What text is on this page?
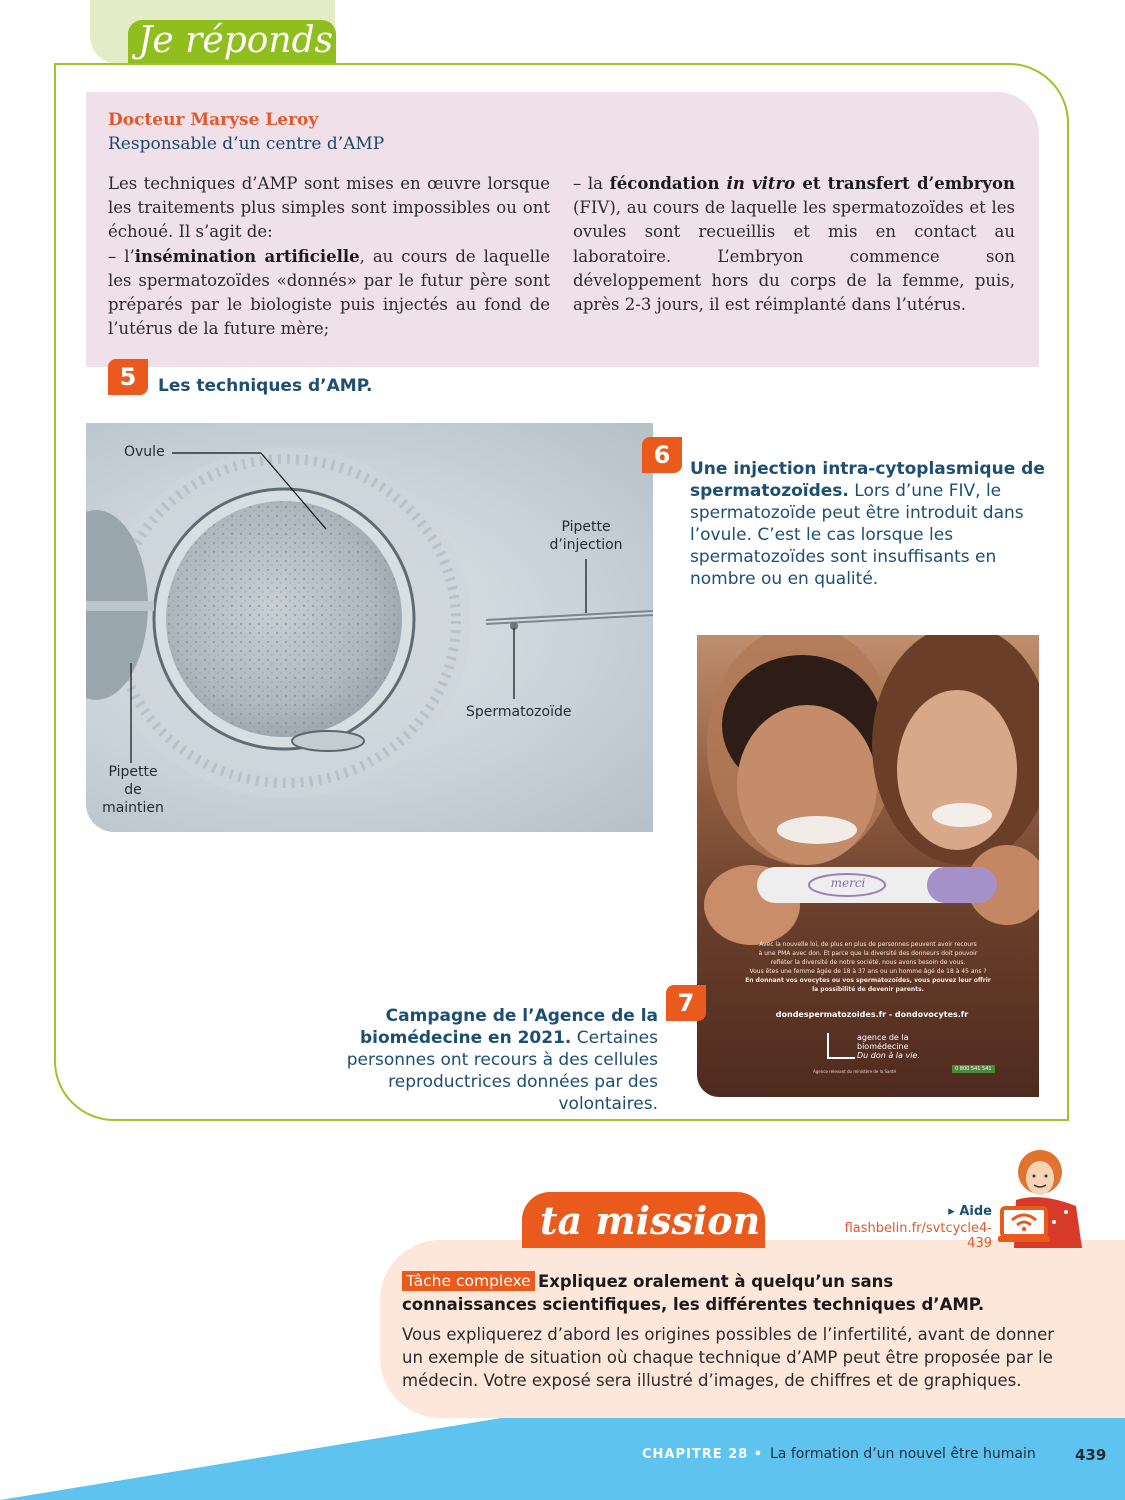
Je réponds
Docteur Maryse Leroy
Responsable d’un centre d’AMP

Les techniques d’AMP sont mises en œuvre lorsque les traitements plus simples sont impossibles ou ont échoué. Il s’agit de:

– l’insémination artificielle, au cours de laquelle les spermatozoïdes «donnés» par le futur père sont préparés par le biologiste puis injectés au fond de l’utérus de la future mère;

– la fécondation in vitro et transfert d’embryon (FIV), au cours de laquelle les spermatozoïdes et les ovules sont recueillis et mis en contact au laboratoire. L’embryon commence son développement hors du corps de la femme, puis, après 2-3 jours, il est réimplanté dans l’utérus.

5	Les techniques d’AMP.
Ovule
Pipette
d’injection
Spermatozoïde
Pipette
de maintien
6	Une injection intra-cytoplasmique de spermatozoïdes. Lors d’une FIV, le spermatozoïde peut être introduit dans l’ovule. C’est le cas lorsque les spermatozoïdes sont insuffisants en nombre ou en qualité.
merci
Avec la nouvelle loi, de plus en plus de personnes peuvent avoir recours
à une PMA avec don. Et parce que la diversité des donneurs doit pouvoir
refléter la diversité de notre société, nous avons besoin de vous.
Vous êtes une femme âgée de 18 à 37 ans ou un homme âgé de 18 à 45 ans ?
En donnant vos ovocytes ou vos spermatozoïdes, vous pouvez leur offrir
la possibilité de devenir parents.
dondespermatozoides.fr - dondovocytes.fr
agence de la
biomédecine
Du don à la vie.
Agence relevant du ministère de la Santé	0 800 541 541
7
Campagne de l’Agence de la biomédecine en 2021. Certaines personnes ont recours à des cellules reproductrices données par des volontaires.
ta mission	▸ Aide
flashbelin.fr/svtcycle4-439
Expliquez oralement à quelqu’un sans connaissances scientifiques, les différentes techniques d’AMP.
Tâche complexe
Vous expliquerez d’abord les origines possibles de l’infertilité, avant de donner un exemple de situation où chaque technique d’AMP peut être proposée par le médecin. Votre exposé sera illustré d’images, de chiffres et de graphiques.
CHAPITRE 28 • La formation d’un nouvel être humain	439
